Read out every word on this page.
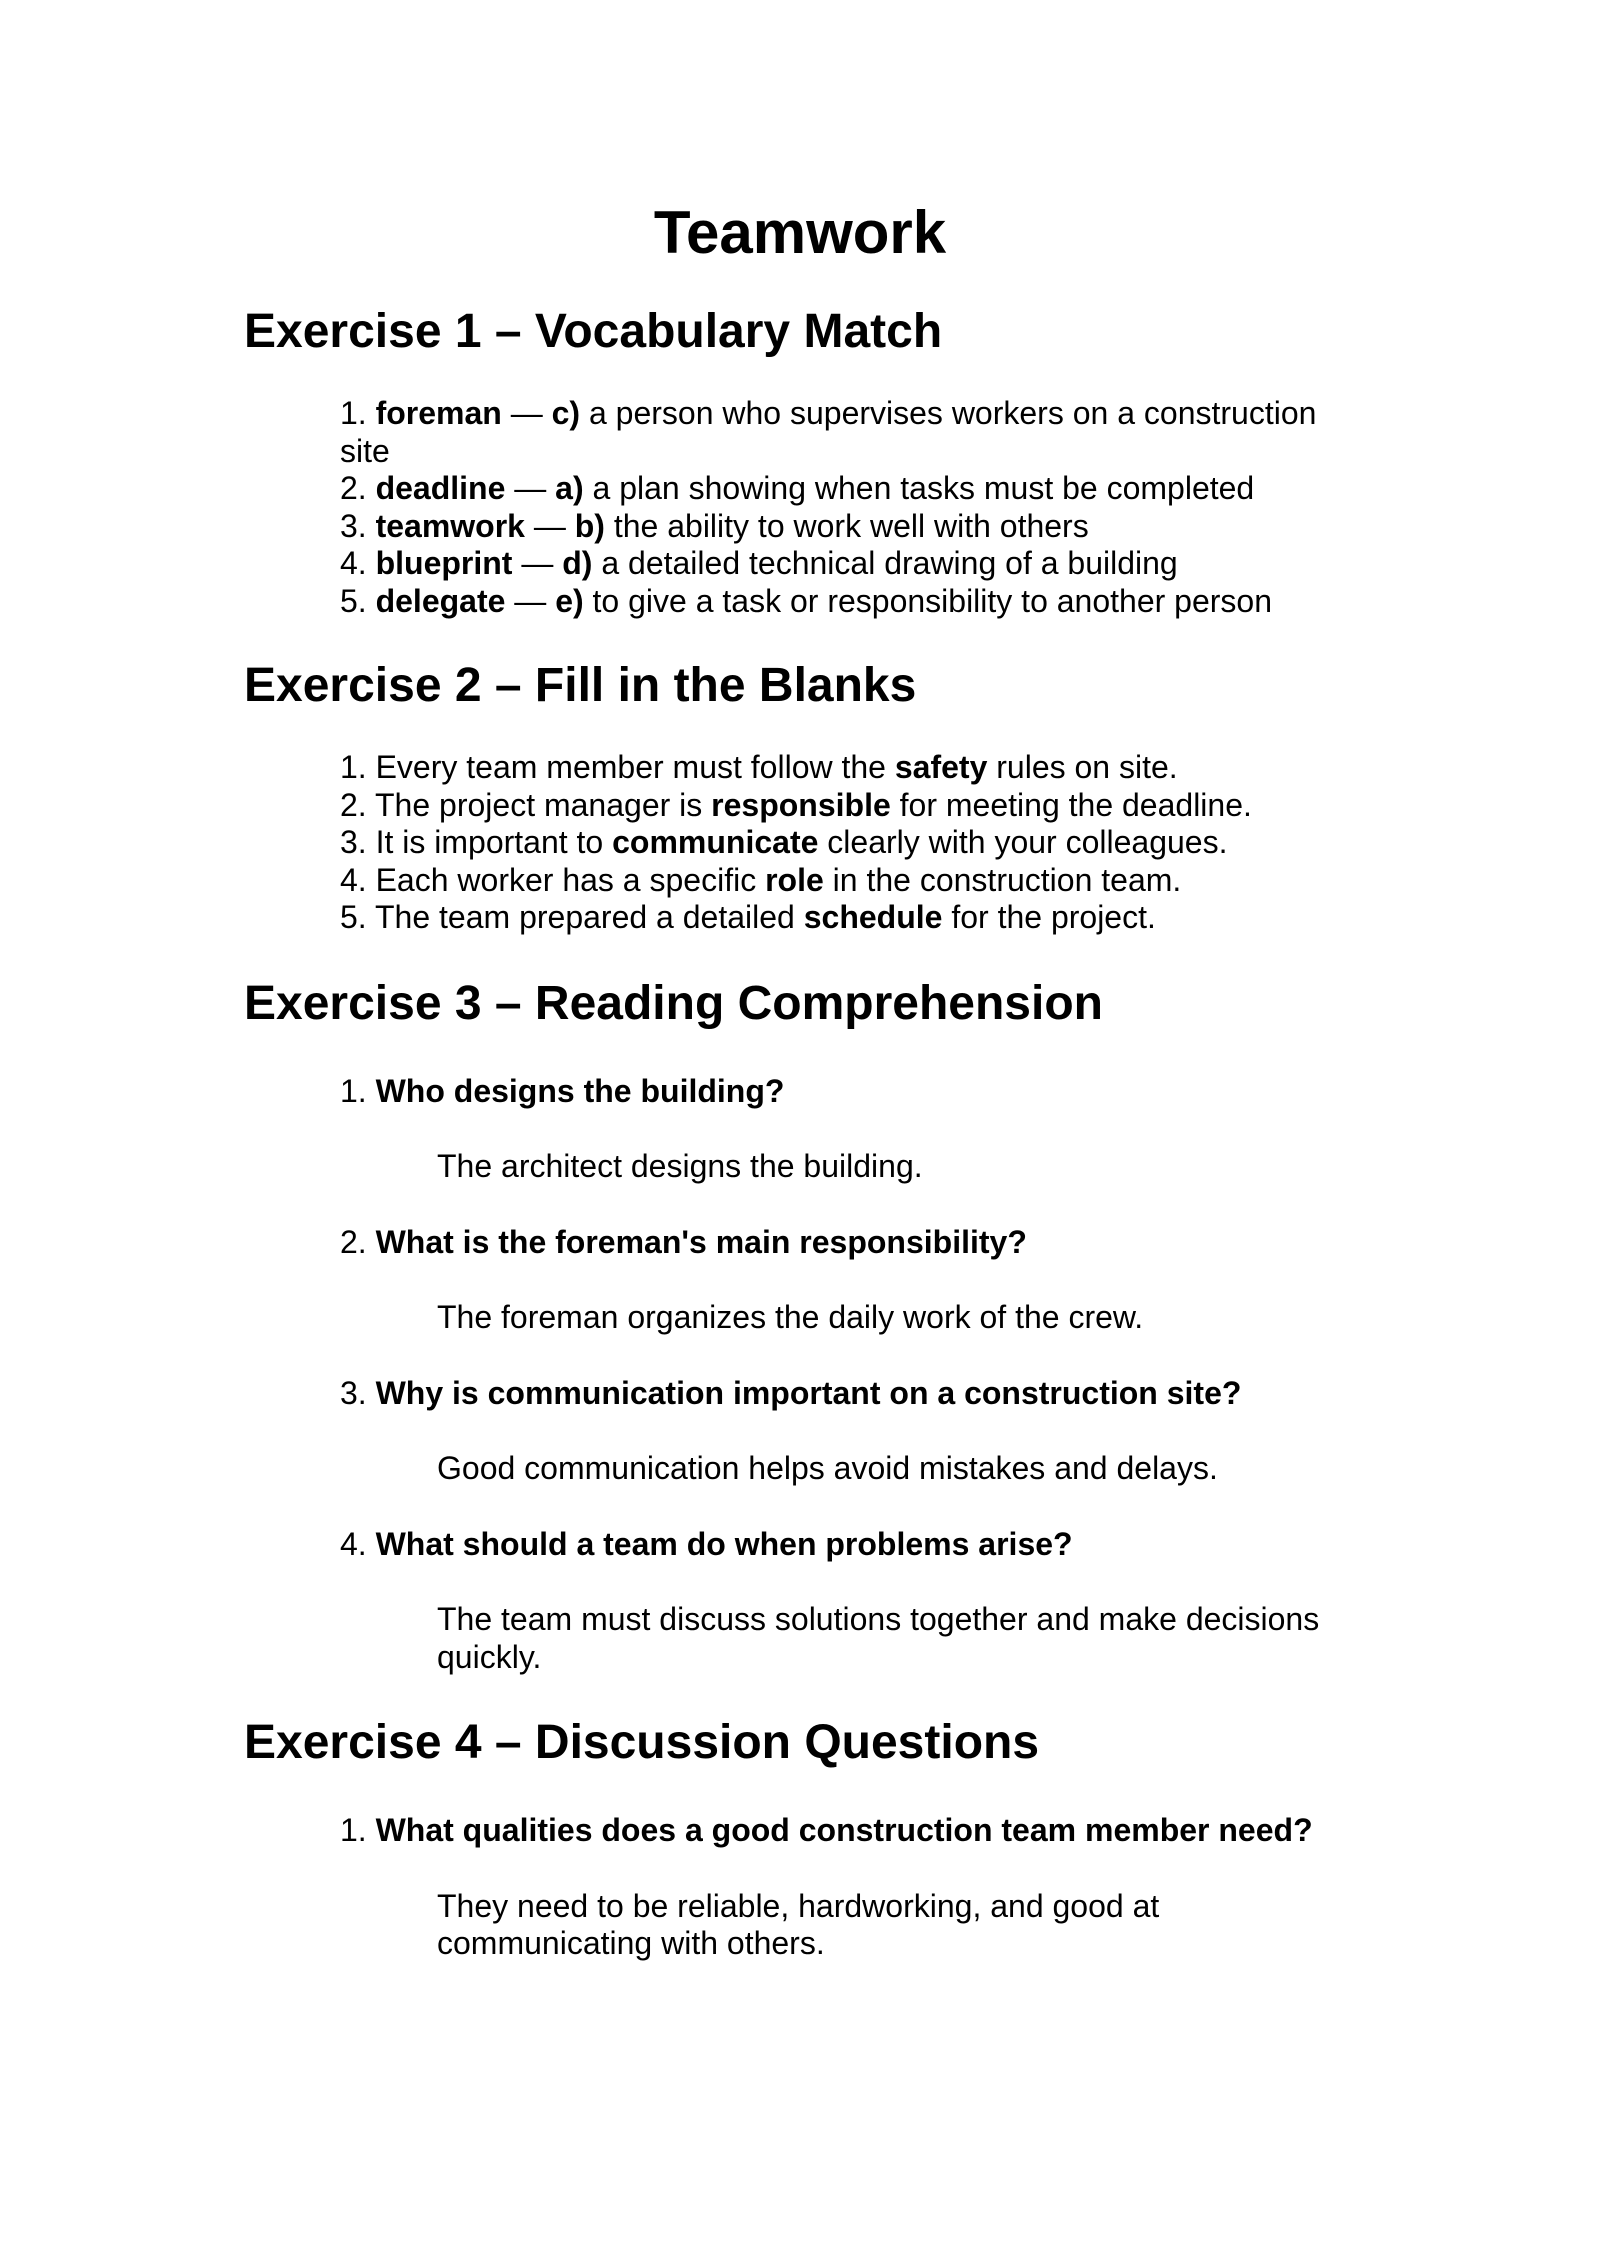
Teamwork
Exercise 1 – Vocabulary Match
1. foreman — c) a person who supervises workers on a construction site
2. deadline — a) a plan showing when tasks must be completed
3. teamwork — b) the ability to work well with others
4. blueprint — d) a detailed technical drawing of a building
5. delegate — e) to give a task or responsibility to another person
Exercise 2 – Fill in the Blanks
1. Every team member must follow the safety rules on site.
2. The project manager is responsible for meeting the deadline.
3. It is important to communicate clearly with your colleagues.
4. Each worker has a specific role in the construction team.
5. The team prepared a detailed schedule for the project.
Exercise 3 – Reading Comprehension
1. Who designs the building?
The architect designs the building.
2. What is the foreman's main responsibility?
The foreman organizes the daily work of the crew.
3. Why is communication important on a construction site?
Good communication helps avoid mistakes and delays.
4. What should a team do when problems arise?
The team must discuss solutions together and make decisions quickly.
Exercise 4 – Discussion Questions
1. What qualities does a good construction team member need?
They need to be reliable, hardworking, and good at communicating with others.
